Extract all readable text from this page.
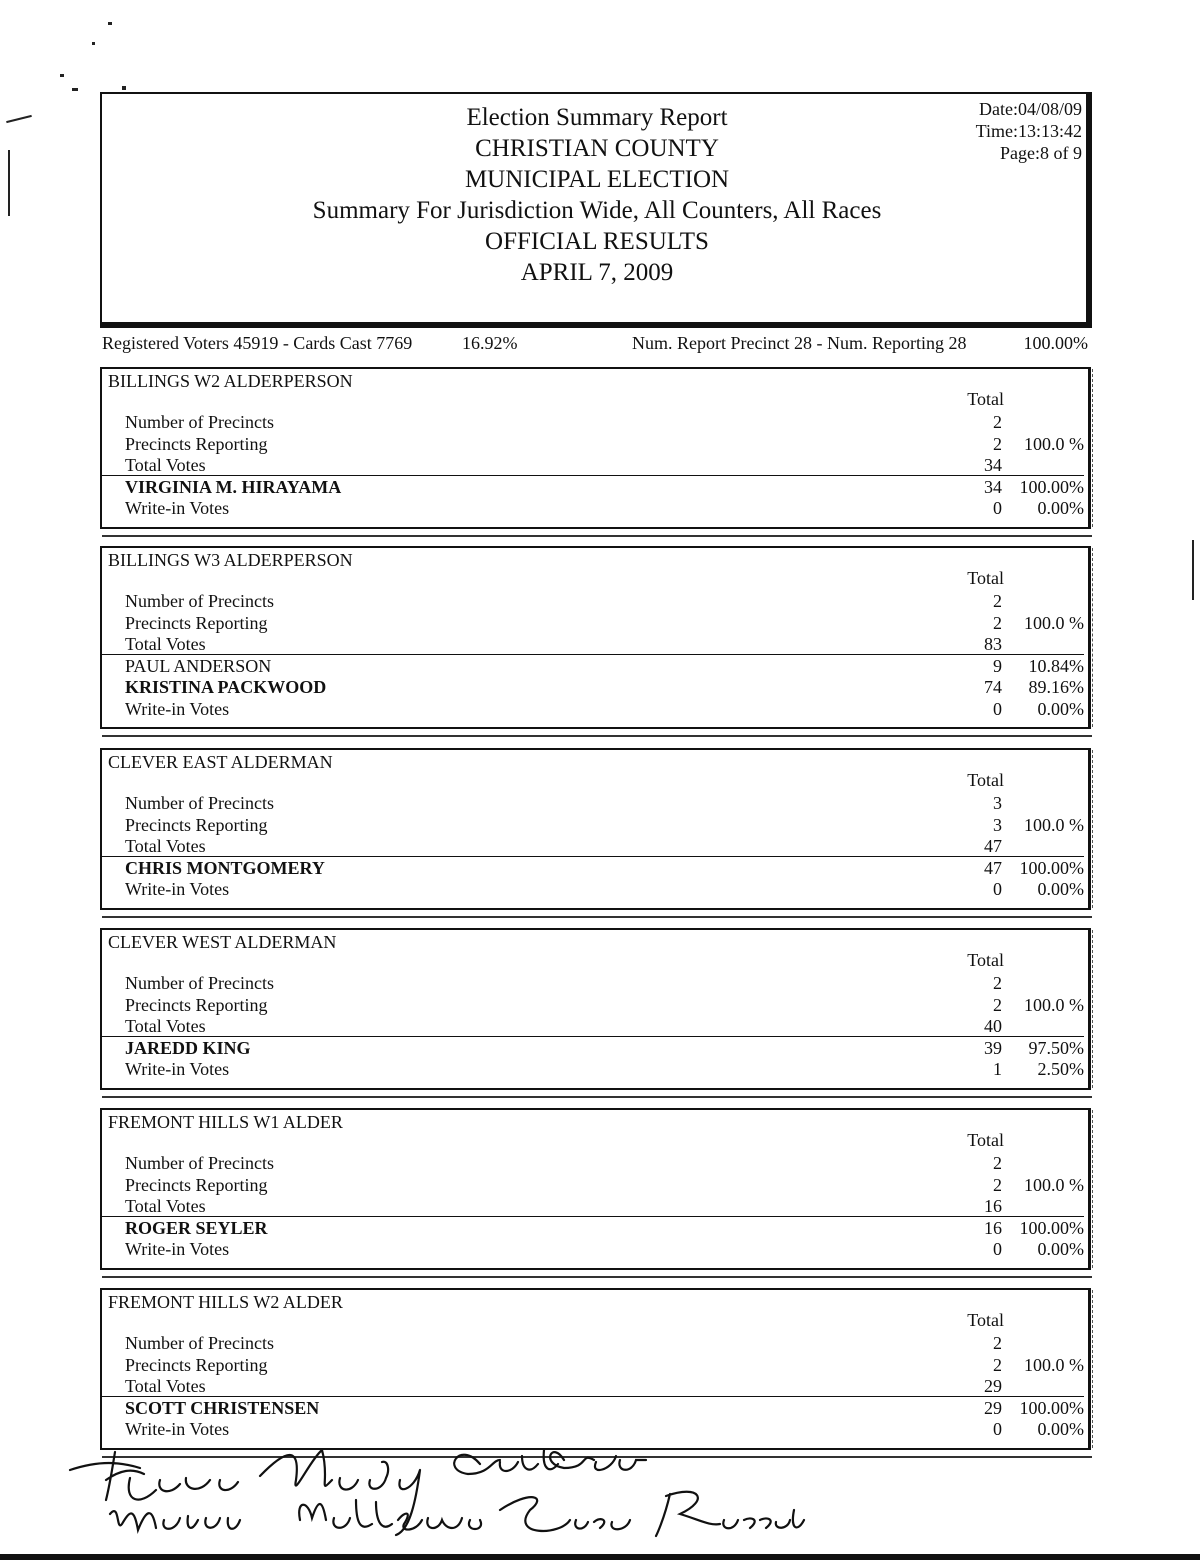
Election Summary Report
CHRISTIAN COUNTY
MUNICIPAL ELECTION
Summary For Jurisdiction Wide, All Counters, All Races
OFFICIAL RESULTS
APRIL 7, 2009
Date:04/08/09
Time:13:13:42
Page:8 of 9
Registered Voters 45919 - Cards Cast 7769	16.92%	Num. Report Precinct 28 - Num. Reporting 28	100.00%
BILLINGS W2 ALDERPERSON
Total
Number of Precincts	2
Precincts Reporting	2	100.0 %
Total Votes	34
VIRGINIA M. HIRAYAMA	34 100.00%
Write-in Votes	0	0.00%
BILLINGS W3 ALDERPERSON
Total
Number of Precincts	2
Precincts Reporting	2	100.0 %
Total Votes	83
PAUL ANDERSON	9	10.84%
KRISTINA PACKWOOD	74	89.16%
Write-in Votes	0	0.00%
CLEVER EAST ALDERMAN
Total
Number of Precincts	3
Precincts Reporting	3	100.0 %
Total Votes	47
CHRIS MONTGOMERY	47 100.00%
Write-in Votes	0	0.00%
CLEVER WEST ALDERMAN
Total
Number of Precincts	2
Precincts Reporting	2	100.0 %
Total Votes	40
JAREDD KING	39	97.50%
Write-in Votes	1	2.50%
FREMONT HILLS W1 ALDER
Total
Number of Precincts	2
Precincts Reporting	2	100.0 %
Total Votes	16
ROGER SEYLER	16 100.00%
Write-in Votes	0	0.00%
FREMONT HILLS W2 ALDER
Total
Number of Precincts	2
Precincts Reporting	2	100.0 %
Total Votes	29
SCOTT CHRISTENSEN	29 100.00%
Write-in Votes	0	0.00%
